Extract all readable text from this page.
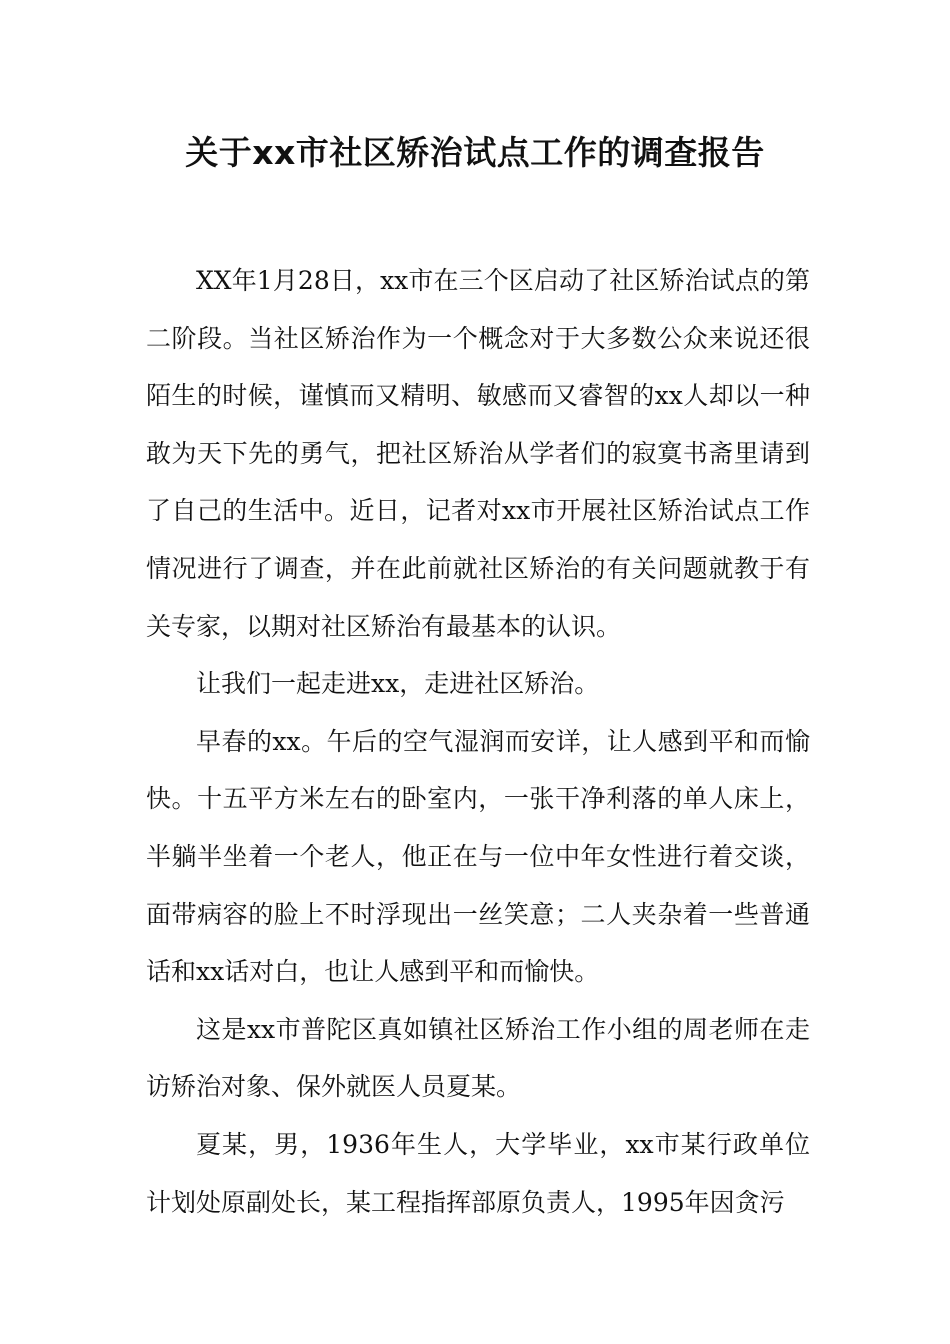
关于xx市社区矫治试点工作的调查报告

XX年1月28日，xx市在三个区启动了社区矫治试点的第二阶段。当社区矫治作为一个概念对于大多数公众来说还很陌生的时候，谨慎而又精明、敏感而又睿智的xx人却以一种敢为天下先的勇气，把社区矫治从学者们的寂寞书斋里请到了自己的生活中。近日，记者对xx市开展社区矫治试点工作情况进行了调查，并在此前就社区矫治的有关问题就教于有关专家，以期对社区矫治有最基本的认识。

让我们一起走进xx，走进社区矫治。

早春的xx。午后的空气湿润而安详，让人感到平和而愉快。十五平方米左右的卧室内，一张干净利落的单人床上，半躺半坐着一个老人，他正在与一位中年女性进行着交谈，面带病容的脸上不时浮现出一丝笑意；二人夹杂着一些普通话和xx话对白，也让人感到平和而愉快。

这是xx市普陀区真如镇社区矫治工作小组的周老师在走访矫治对象、保外就医人员夏某。

夏某，男，1936年生人，大学毕业，xx市某行政单位计划处原副处长，某工程指挥部原负责人，1995年因贪污
